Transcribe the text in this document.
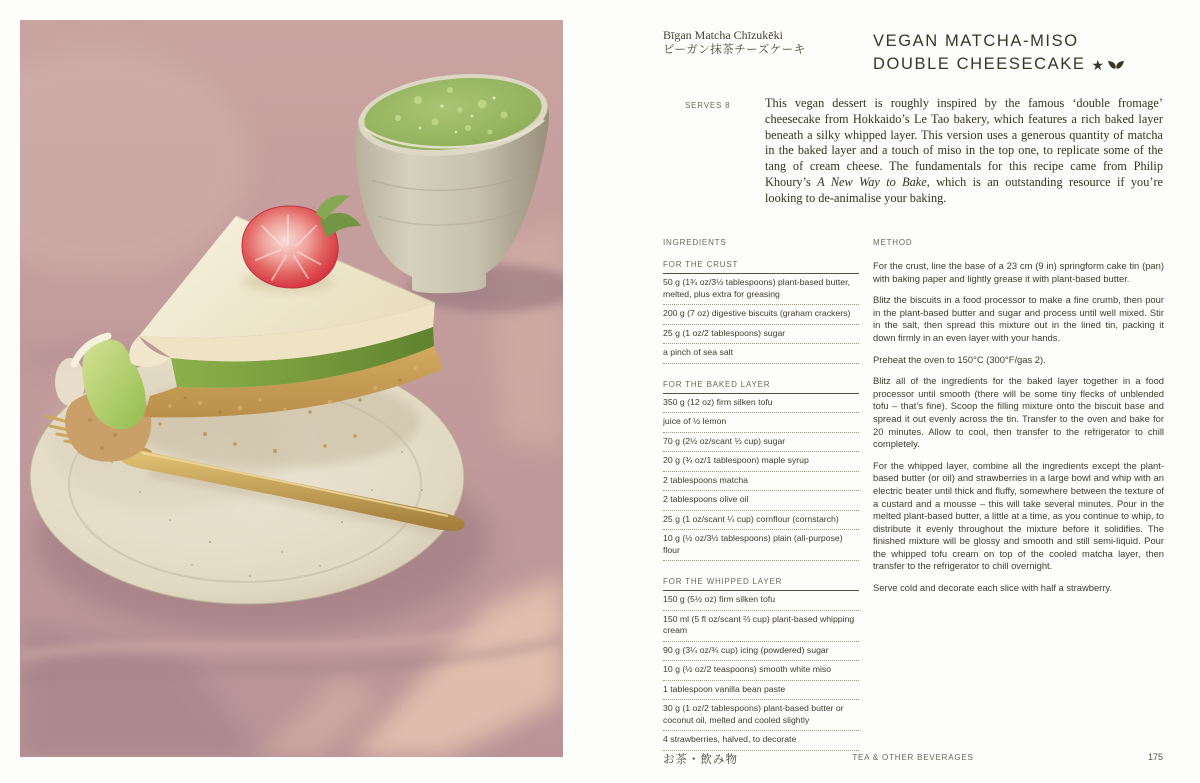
Bīgan Matcha Chīzukēki
ビーガン抹茶チーズケーキ	VEGAN MATCHA-MISO
DOUBLE CHEESECAKE ★
SERVES 8	This vegan dessert is roughly inspired by the famous ‘double fromage’ cheesecake from Hokkaido’s Le Tao bakery, which features a rich baked layer beneath a silky whipped layer. This version uses a generous quantity of matcha in the baked layer and a touch of miso in the top one, to replicate some of the tang of cream cheese. The fundamentals for this recipe came from Philip Khoury’s A New Way to Bake, which is an outstanding resource if you’re looking to de-animalise your baking.

INGREDIENTS
FOR THE CRUST
50 g (1¾ oz/3½ tablespoons) plant-based butter, melted, plus extra for greasing
200 g (7 oz) digestive biscuits (graham crackers)
25 g (1 oz/2 tablespoons) sugar
a pinch of sea salt
FOR THE BAKED LAYER
350 g (12 oz) firm silken tofu
juice of ½ lemon
70 g (2½ oz/scant ⅓ cup) sugar
20 g (¾ oz/1 tablespoon) maple syrup
2 tablespoons matcha
2 tablespoons olive oil
25 g (1 oz/scant ¼ cup) cornflour (cornstarch)
10 g (½ oz/3½ tablespoons) plain (all-purpose) flour
FOR THE WHIPPED LAYER
150 g (5½ oz) firm silken tofu
150 ml (5 fl oz/scant ⅔ cup) plant-based whipping cream
90 g (3¼ oz/¾ cup) icing (powdered) sugar
10 g (½ oz/2 teaspoons) smooth white miso
1 tablespoon vanilla bean paste
30 g (1 oz/2 tablespoons) plant-based butter or coconut oil, melted and cooled slightly
4 strawberries, halved, to decorate
METHOD

For the crust, line the base of a 23 cm (9 in) springform cake tin (pan) with baking paper and lightly grease it with plant-based butter.

Blitz the biscuits in a food processor to make a fine crumb, then pour in the plant-based butter and sugar and process until well mixed. Stir in the salt, then spread this mixture out in the lined tin, packing it down firmly in an even layer with your hands.

Preheat the oven to 150°C (300°F/gas 2).

Blitz all of the ingredients for the baked layer together in a food processor until smooth (there will be some tiny flecks of unblended tofu – that’s fine). Scoop the filling mixture onto the biscuit base and spread it out evenly across the tin. Transfer to the oven and bake for 20 minutes. Allow to cool, then transfer to the refrigerator to chill completely.

For the whipped layer, combine all the ingredients except the plant-based butter (or oil) and strawberries in a large bowl and whip with an electric beater until thick and fluffy, somewhere between the texture of a custard and a mousse – this will take several minutes. Pour in the melted plant-based butter, a little at a time, as you continue to whip, to distribute it evenly throughout the mixture before it solidifies. The finished mixture will be glossy and smooth and still semi-liquid. Pour the whipped tofu cream on top of the cooled matcha layer, then transfer to the refrigerator to chill overnight.

Serve cold and decorate each slice with half a strawberry.

お茶・飲み物	TEA & OTHER BEVERAGES	175
